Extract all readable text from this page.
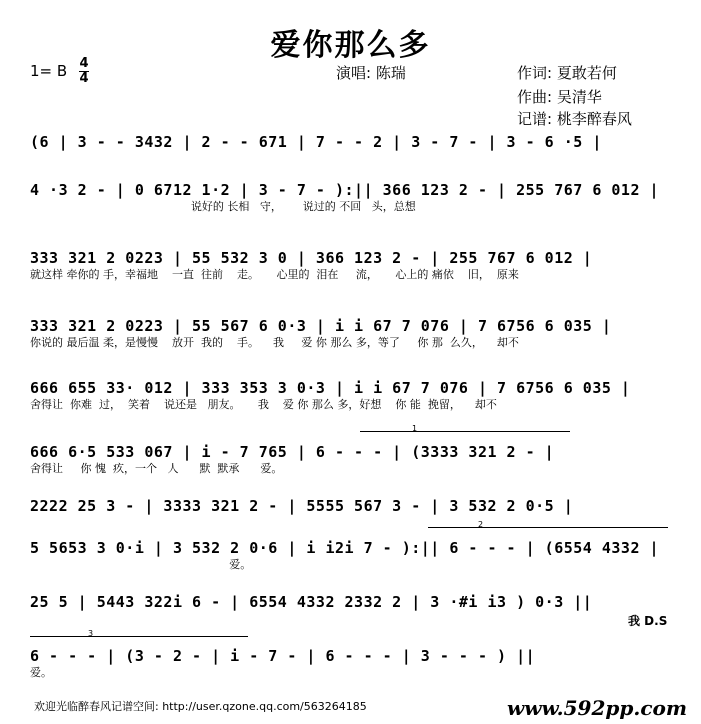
爱你那么多
1= B 4
4	演唱: 陈瑞	作词: 夏敢若何
作曲: 吴清华
记谱: 桃李醉春风
(6 | 3 - - 3432 | 2 - - 671 | 7 - - 2 | 3 - 7 - | 3 - 6 ·5 |
4 ·3 2 - | 0 6712 1·2 | 3 - 7 - ):|| 366 123 2 - | 255 767 6 012 |
说好的 长相   守，      说过的 不回   头，总想
333 321 2 0223 | 55 532 3 0 | 366 123 2 - | 255 767 6 012 |
就这样 牵你的 手，幸福地    一直  往前    走。     心里的  泪在     流，     心上的 痛依    旧，  原来
333 321 2 0223 | 55 567 6 0·3 | i i 67 7 076 | 7 6756 6 035 |
你说的 最后温 柔，是慢慢    放开  我的    手。    我     爱 你 那么 多，等了     你 那  么久，    却不
666 655 33· 012 | 333 353 3 0·3 | i i 67 7 076 | 7 6756 6 035 |
舍得让  你难  过，  笑着    说还是   朋友。     我    爱 你 那么 多，好想    你 能  挽留，    却不
1
666 6·5 533 067 | i - 7 765 | 6 - - - | (3333 321 2 - |
舍得让     你 愧  疚，一个   人      默  默承      爱。
2222 25 3 - | 3333 321 2 - | 5555 567 3 - | 3 532 2 0·5 |
2
5 5653 3 0·i | 3 532 2 0·6 | i i2i 7 - ):|| 6 - - - | (6554 4332 |
爱。
25 5 | 5443 322i 6 - | 6554 4332 2332 2 | 3 ·#i i3 ) 0·3 ||
我 D.S
3
6 - - - | (3 - 2 - | i - 7 - | 6 - - - | 3 - - - ) ||
爱。
欢迎光临醉春风记谱空间: http://user.qzone.qq.com/563264185	www.592pp.com
